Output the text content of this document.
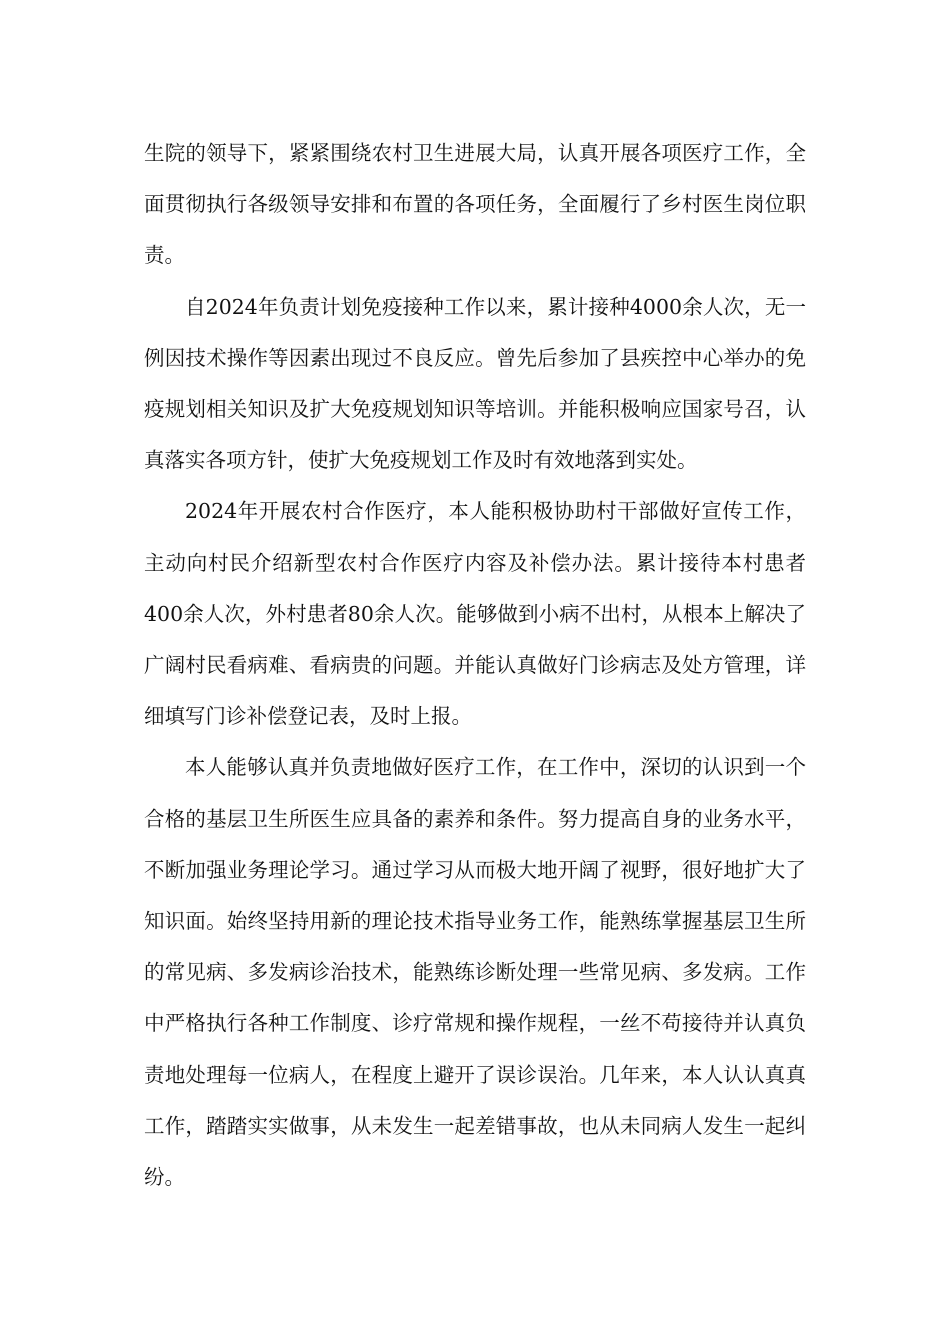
生院的领导下，紧紧围绕农村卫生进展大局，认真开展各项医疗工作，全面贯彻执行各级领导安排和布置的各项任务，全面履行了乡村医生岗位职责。

自2024年负责计划免疫接种工作以来，累计接种4000余人次，无一例因技术操作等因素出现过不良反应。曾先后参加了县疾控中心举办的免疫规划相关知识及扩大免疫规划知识等培训。并能积极响应国家号召，认真落实各项方针，使扩大免疫规划工作及时有效地落到实处。

2024年开展农村合作医疗，本人能积极协助村干部做好宣传工作，主动向村民介绍新型农村合作医疗内容及补偿办法。累计接待本村患者400余人次，外村患者80余人次。能够做到小病不出村，从根本上解决了广阔村民看病难、看病贵的问题。并能认真做好门诊病志及处方管理，详细填写门诊补偿登记表，及时上报。

本人能够认真并负责地做好医疗工作，在工作中，深切的认识到一个合格的基层卫生所医生应具备的素养和条件。努力提高自身的业务水平，不断加强业务理论学习。通过学习从而极大地开阔了视野，很好地扩大了知识面。始终坚持用新的理论技术指导业务工作，能熟练掌握基层卫生所的常见病、多发病诊治技术，能熟练诊断处理一些常见病、多发病。工作中严格执行各种工作制度、诊疗常规和操作规程，一丝不苟接待并认真负责地处理每一位病人，在程度上避开了误诊误治。几年来，本人认认真真工作，踏踏实实做事，从未发生一起差错事故，也从未同病人发生一起纠纷。
